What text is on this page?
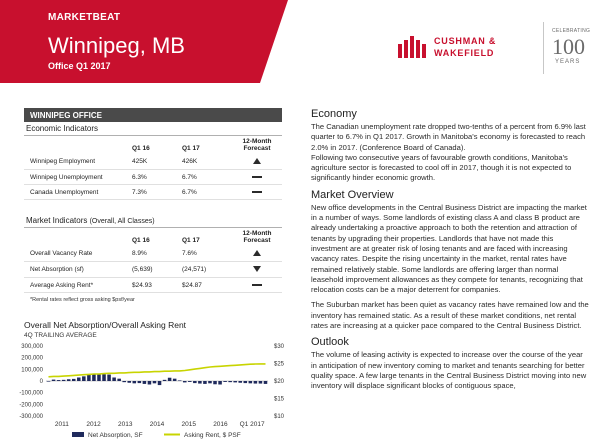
MARKETBEAT
Winnipeg, MB
Office Q1 2017
CUSHMAN &
WAKEFIELD
CELEBRATING
100
YEARS
WINNIPEG OFFICE
Economic Indicators
	Q1 16	Q1 17	12-Month Forecast
Winnipeg Employment	425K	426K	
Winnipeg Unemployment	6.3%	6.7%	
Canada Unemployment	7.3%	6.7%	
Market Indicators (Overall, All Classes)
	Q1 16	Q1 17	12-Month Forecast
Overall Vacancy Rate	8.9%	7.6%	
Net Absorption (sf)	(5,639)	(24,571)	
Average Asking Rent*	$24.93	$24.87	
*Rental rates reflect gross asking $psf/year
Overall Net Absorption/Overall Asking Rent
4Q TRAILING AVERAGE
300,000
200,000
100,000
0
-100,000
-200,000
-300,000
$30
$25
$20
$15
$10
2011	2012	2013	2014	2015	2016 Q1 2017
Net Absorption, SF	Asking Rent, $ PSF
Economy
The Canadian unemployment rate dropped two-tenths of a percent from 6.9% last quarter to 6.7% in Q1 2017. Growth in Manitoba's economy is forecasted to reach 2.0% in 2017. (Conference Board of Canada).
Following two consecutive years of favourable growth conditions, Manitoba's agriculture sector is forecasted to cool off in 2017, though it is not expected to significantly hinder economic growth.
Market Overview
New office developments in the Central Business District are impacting the market in a number of ways. Some landlords of existing class A and class B product are already undertaking a proactive approach to both the retention and attraction of tenants by upgrading their properties. Landlords that have not made this investment are at greater risk of losing tenants and are faced with increasing vacancy rates. Despite the rising uncertainty in the market, rental rates have remained relatively stable. Some landlords are offering larger than normal leasehold improvement allowances as they compete for tenants, recognizing that relocation costs can be a major deterrent for companies.
The Suburban market has been quiet as vacancy rates have remained low and the inventory has remained static. As a result of these market conditions, net rental rates are increasing at a quicker pace compared to the Central Business District.
Outlook
The volume of leasing activity is expected to increase over the course of the year in anticipation of new inventory coming to market and tenants searching for better quality space. A few large tenants in the Central Business District moving into new inventory will displace significant blocks of contiguous space,
